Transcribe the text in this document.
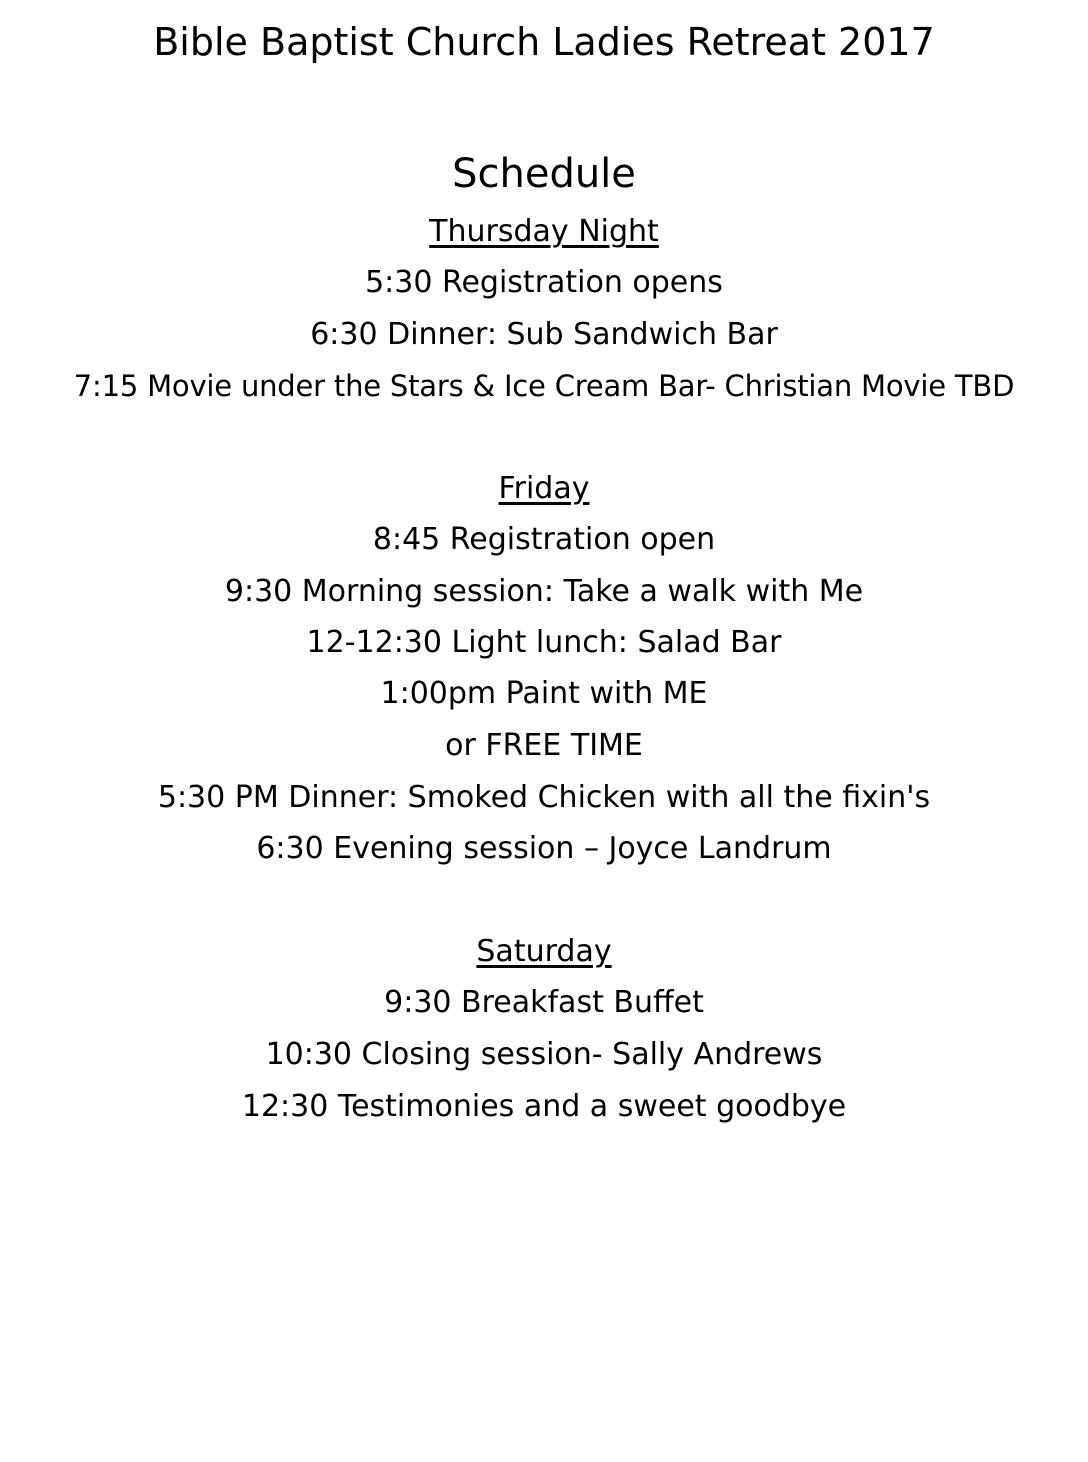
Bible Baptist Church Ladies Retreat 2017
Schedule
Thursday Night
5:30 Registration opens
6:30 Dinner: Sub Sandwich Bar
7:15 Movie under the Stars & Ice Cream Bar- Christian Movie TBD
Friday
8:45 Registration open
9:30 Morning session: Take a walk with Me
12-12:30 Light lunch: Salad Bar
1:00pm Paint with ME
or FREE TIME
5:30 PM Dinner: Smoked Chicken with all the fixin's
6:30 Evening session – Joyce Landrum
Saturday
9:30 Breakfast Buffet
10:30 Closing session- Sally Andrews
12:30 Testimonies and a sweet goodbye
